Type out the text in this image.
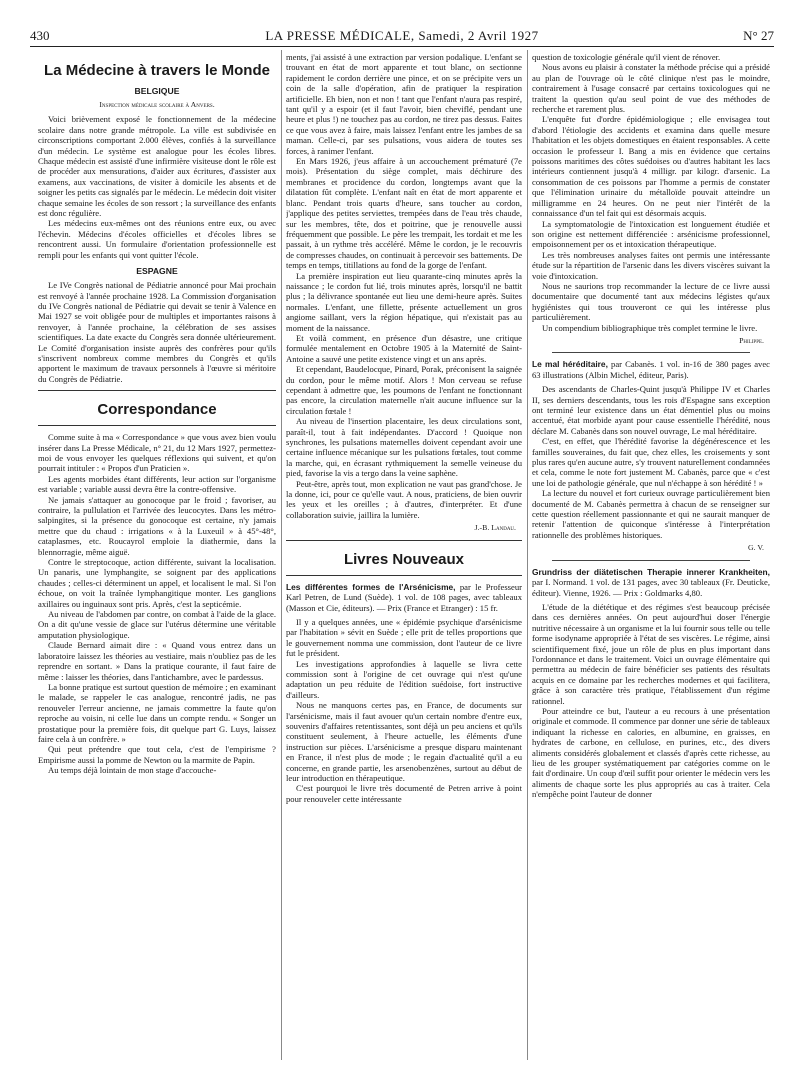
430	LA PRESSE MÉDICALE, Samedi, 2 Avril 1927	N° 27
La Médecine à travers le Monde
BELGIQUE
Inspection médicale scolaire à Anvers.

Voici brièvement exposé le fonctionnement de la médecine scolaire dans notre grande métropole. La ville est subdivisée en circonscriptions comportant 2.000 élèves, confiés à la surveillance d'un médecin. Le système est analogue pour les écoles libres. Chaque médecin est assisté d'une infirmière visiteuse dont le rôle est de procéder aux mensurations, d'aider aux écritures, d'assister aux examens, aux vaccinations, de visiter à domicile les absents et de soigner les petits cas signalés par le médecin. Le médecin doit visiter chaque semaine les écoles de son ressort ; la surveillance des enfants est donc régulière.

Les médecins eux-mêmes ont des réunions entre eux, ou avec l'échevin. Médecins d'écoles officielles et d'écoles libres se rencontrent aussi. Un formulaire d'orientation professionnelle est rempli pour les enfants qui vont quitter l'école.

ESPAGNE

Le IVe Congrès national de Pédiatrie annoncé pour Mai prochain est renvoyé à l'année prochaine 1928. La Commission d'organisation du IVe Congrès national de Pédiatrie qui devait se tenir à Valence en Mai 1927 se voit obligée pour de multiples et importantes raisons à renvoyer, à l'année prochaine, la célébration de ses assises scientifiques. La date exacte du Congrès sera donnée ultérieurement. Le Comité d'organisation insiste auprès des confrères pour qu'ils s'inscrivent nombreux comme membres du Congrès et qu'ils apportent le maximum de travaux personnels à l'œuvre si méritoire du Congrès de Pédiatrie.

Correspondance

Comme suite à ma « Correspondance » que vous avez bien voulu insérer dans La Presse Médicale, n° 21, du 12 Mars 1927, permettez-moi de vous envoyer les quelques réflexions qui suivent, et qu'on pourrait intituler : « Propos d'un Praticien ».

Les agents morbides étant différents, leur action sur l'organisme est variable ; variable aussi devra être la contre-offensive.

Ne jamais s'attaquer au gonocoque par le froid ; favoriser, au contraire, la pullulation et l'arrivée des leucocytes. Dans les métro-salpingites, si la présence du gonocoque est certaine, n'y jamais mettre que du chaud : irrigations « à la Luxeuil » à 45°-48°, cataplasmes, etc. Roucayrol emploie la diathermie, dans la blennorragie, même aiguë.

Contre le streptocoque, action différente, suivant la localisation. Un panaris, une lymphangite, se soignent par des applications chaudes ; celles-ci déterminent un appel, et localisent le mal. Si l'on échoue, on voit la traînée lymphangitique monter. Les ganglions axillaires ou inguinaux sont pris. Après, c'est la septicémie.

Au niveau de l'abdomen par contre, on combat à l'aide de la glace. On a dit qu'une vessie de glace sur l'utérus détermine une véritable amputation physiologique.

Claude Bernard aimait dire : « Quand vous entrez dans un laboratoire laissez les théories au vestiaire, mais n'oubliez pas de les reprendre en sortant. » Dans la pratique courante, il faut faire de même : laisser les théories, dans l'antichambre, avec le pardessus.

La bonne pratique est surtout question de mémoire ; en examinant le malade, se rappeler le cas analogue, rencontré jadis, ne pas renouveler l'erreur ancienne, ne jamais commettre la faute qu'on reproche au voisin, ni celle lue dans un compte rendu. « Songer un prostatique pour la première fois, dit quelque part G. Luys, laissez faire cela à un confrère. »

Qui peut prétendre que tout cela, c'est de l'empirisme ? Empirisme aussi la pomme de Newton ou la marmite de Papin.

Au temps déjà lointain de mon stage d'accouche-

ments, j'ai assisté à une extraction par version podalique. L'enfant se trouvant en état de mort apparente et tout blanc, on sectionne rapidement le cordon derrière une pince, et on se précipite vers un coin de la salle d'opération, afin de pratiquer la respiration artificielle. Eh bien, non et non ! tant que l'enfant n'aura pas respiré, tant qu'il y a espoir (et il faut l'avoir, bien cheviflé, pendant une heure et plus !) ne touchez pas au cordon, ne tirez pas dessus. Faites ce que vous avez à faire, mais laissez l'enfant entre les jambes de sa maman. Celle-ci, par ses pulsations, vous aidera de toutes ses forces, à ranimer l'enfant.

En Mars 1926, j'eus affaire à un accouchement prématuré (7e mois). Présentation du siège complet, mais déchirure des membranes et procidence du cordon, longtemps avant que la dilatation fût complète. L'enfant naît en état de mort apparente et blanc. Pendant trois quarts d'heure, sans toucher au cordon, j'applique des petites serviettes, trempées dans de l'eau très chaude, sur les membres, tête, dos et poitrine, que je renouvelle aussi fréquemment que possible. Le père les trempait, les tordait et me les passait, à un rythme très accéléré. Même le cordon, je le recouvris de compresses chaudes, on continuait à percevoir ses battements. De temps en temps, titillations au fond de la gorge de l'enfant.

La première inspiration eut lieu quarante-cinq minutes après la naissance ; le cordon fut lié, trois minutes après, lorsqu'il ne battit plus ; la délivrance spontanée eut lieu une demi-heure après. Suites normales. L'enfant, une fillette, présente actuellement un gros angiome saillant, vers la région hépatique, qui n'existait pas au moment de la naissance.

Et voilà comment, en présence d'un désastre, une critique formulée mentalement en Octobre 1905 à la Maternité de Saint-Antoine a sauvé une petite existence vingt et un ans après.

Et cependant, Baudelocque, Pinard, Porak, préconisent la saignée du cordon, pour le même motif. Alors ! Mon cerveau se refuse cependant à admettre que, les poumons de l'enfant ne fonctionnant pas encore, la circulation maternelle n'ait aucune influence sur la circulation fœtale !

Au niveau de l'insertion placentaire, les deux circulations sont, paraît-il, tout à fait indépendantes. D'accord ! Quoique non synchrones, les pulsations maternelles doivent cependant avoir une certaine influence mécanique sur les pulsations fœtales, tout comme la marche, qui, en écrasant rythmiquement la semelle veineuse du pied, favorise la vis a tergo dans la veine saphène.

Peut-être, après tout, mon explication ne vaut pas grand'chose. Je la donne, ici, pour ce qu'elle vaut. A nous, praticiens, de bien ouvrir les yeux et les oreilles ; à d'autres, d'interpréter. Et d'une collaboration suivie, jaillira la lumière.

J.-B. Landau.
Livres Nouveaux

Les différentes formes de l'Arsénicisme, par le Professeur Karl Petren, de Lund (Suède). 1 vol. de 108 pages, avec tableaux (Masson et Cie, éditeurs). — Prix (France et Etranger) : 15 fr.

Il y a quelques années, une « épidémie psychique d'arsénicisme par l'habitation » sévit en Suède ; elle prit de telles proportions que le gouvernement nomma une commission, dont l'auteur de ce livre fut le président.

Les investigations approfondies à laquelle se livra cette commission sont à l'origine de cet ouvrage qui n'est qu'une adaptation un peu réduite de l'édition suédoise, fort instructive d'ailleurs.

Nous ne manquons certes pas, en France, de documents sur l'arsénicisme, mais il faut avouer qu'un certain nombre d'entre eux, souvenirs d'affaires retentissantes, sont déjà un peu anciens et qu'ils constituent seulement, à l'heure actuelle, les éléments d'une instruction sur pièces. L'arsénicisme a presque disparu maintenant en France, il n'est plus de mode ; le regain d'actualité qu'il a eu concerne, en grande partie, les arsenobenzènes, surtout au début de leur introduction en thérapeutique.

C'est pourquoi le livre très documenté de Petren arrive à point pour renouveler cette intéressante

question de toxicologie générale qu'il vient de rénover.

Nous avons eu plaisir à constater la méthode précise qui a présidé au plan de l'ouvrage où le côté clinique n'est pas le moindre, contrairement à l'usage consacré par certains toxicologues qui ne traitent la question qu'au seul point de vue des méthodes de recherche et rarement plus.

L'enquête fut d'ordre épidémiologique ; elle envisagea tout d'abord l'étiologie des accidents et examina dans quelle mesure l'habitation et les objets domestiques en étaient responsables. A cette occasion le professeur I. Bang a mis en évidence que certains poissons maritimes des côtes suédoises ou d'autres habitant les lacs intérieurs contiennent jusqu'à 4 milligr. par kilogr. d'arsenic. La consommation de ces poissons par l'homme a permis de constater que l'élimination urinaire du métalloïde pouvait atteindre un milligramme en 24 heures. On ne peut nier l'intérêt de la connaissance d'un tel fait qui est désormais acquis.

La symptomatologie de l'intoxication est longuement étudiée et son origine est nettement différenciée : arsénicisme professionnel, empoisonnement per os et intoxication thérapeutique.

Les très nombreuses analyses faites ont permis une intéressante étude sur la répartition de l'arsenic dans les divers viscères suivant la voie d'intoxication.

Nous ne saurions trop recommander la lecture de ce livre aussi documentaire que documenté tant aux médecins légistes qu'aux hygiénistes qui tous trouveront ce qui les intéresse plus particulièrement.

Un compendium bibliographique très complet termine le livre.

Philippe.

Le mal héréditaire, par Cabanès. 1 vol. in-16 de 380 pages avec 63 illustrations (Albin Michel, éditeur, Paris).

Des ascendants de Charles-Quint jusqu'à Philippe IV et Charles II, ses derniers descendants, tous les rois d'Espagne sans exception ont terminé leur existence dans un état démentiel plus ou moins accentué, état morbide ayant pour cause essentielle l'hérédité, nous déclare M. Cabanès dans son nouvel ouvrage, Le mal héréditaire.

C'est, en effet, que l'hérédité favorise la dégénérescence et les familles souveraines, du fait que, chez elles, les croisements y sont plus rares qu'en aucune autre, s'y trouvent naturellement condamnées et cela, comme le note fort justement M. Cabanès, parce que « c'est une loi de pathologie générale, que nul n'échappe à son hérédité ! »

La lecture du nouvel et fort curieux ouvrage particulièrement bien documenté de M. Cabanès permettra à chacun de se renseigner sur cette question réellement passionnante et qui ne saurait manquer de retenir l'attention de quiconque s'intéresse à l'interprétation rationnelle des problèmes historiques.

G. V.

Grundriss der diätetischen Therapie innerer Krankheiten, par I. Normand. 1 vol. de 131 pages, avec 30 tableaux (Fr. Deuticke, éditeur). Vienne, 1926. — Prix : Goldmarks 4,80.

L'étude de la diététique et des régimes s'est beaucoup précisée dans ces dernières années. On peut aujourd'hui doser l'énergie nutritive nécessaire à un organisme et la lui fournir sous telle ou telle forme isodyname appropriée à l'état de ses viscères. Le régime, ainsi scientifiquement fixé, joue un rôle de plus en plus important dans l'ordonnance et dans le traitement. Voici un ouvrage élémentaire qui permettra au médecin de faire bénéficier ses patients des résultats acquis en ce domaine par les recherches modernes et qui facilitera, grâce à son caractère très pratique, l'établissement d'un régime rationnel.

Pour atteindre ce but, l'auteur a eu recours à une présentation originale et commode. Il commence par donner une série de tableaux indiquant la richesse en calories, en albumine, en graisses, en hydrates de carbone, en cellulose, en purines, etc., des divers aliments considérés globalement et classés d'après cette richesse, au lieu de les grouper systématiquement par catégories comme on le fait d'ordinaire. Un coup d'œil suffit pour orienter le médecin vers les aliments de chaque sorte les plus appropriés au cas à traiter. Cela n'empêche point l'auteur de donner
